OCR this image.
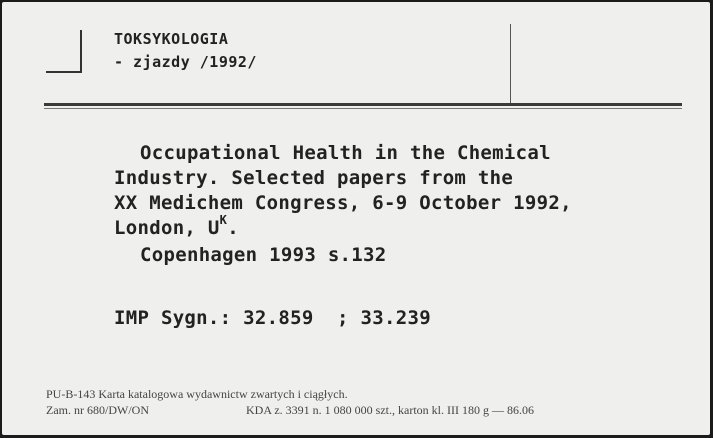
TOKSYKOLOGIA
- zjazdy /1992/
Occupational Health in the Chemical
Industry. Selected papers from the
XX Medichem Congress, 6-9 October 1992,
London, $U^K$.
Copenhagen 1993 s.132
IMP Sygn.: 32.859  ; 33.239
PU-B-143 Karta katalogowa wydawnictw zwartych i ciągłych.
Zam. nr 680/DW/ON	KDA z. 3391 n. 1 080 000 szt., karton kl. III 180 g — 86.06
